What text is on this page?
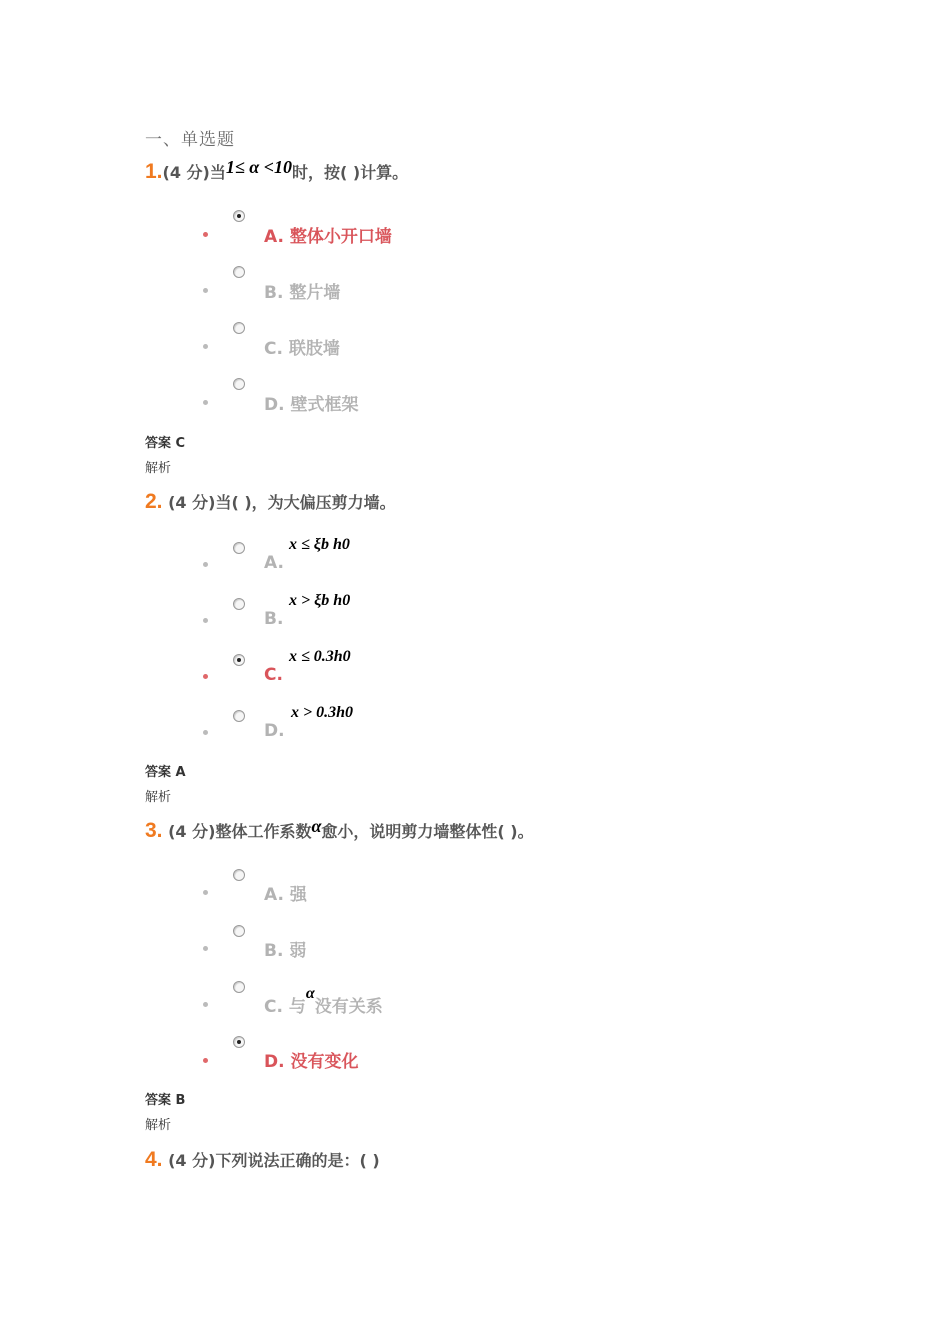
一、单选题
1. (4 分) 当 1≤ α <10 时，按( )计算。
A. 整体小开口墙
B. 整片墙
C. 联肢墙
D. 壁式框架
答案 C
解析
2.
(4 分) 当( )，为大偏压剪力墙。
x ≤ ξb h0
A.
x > ξb h0
B.
x ≤ 0.3h0
C.
x > 0.3h0
D.
答案 A
解析
3.
(4 分) 整体工作系数 α 愈小，说明剪力墙整体性( )。
A. 强
B. 弱
C. 与α没有关系
D. 没有变化
答案 B
解析
4.
(4 分) 下列说法正确的是：( )
